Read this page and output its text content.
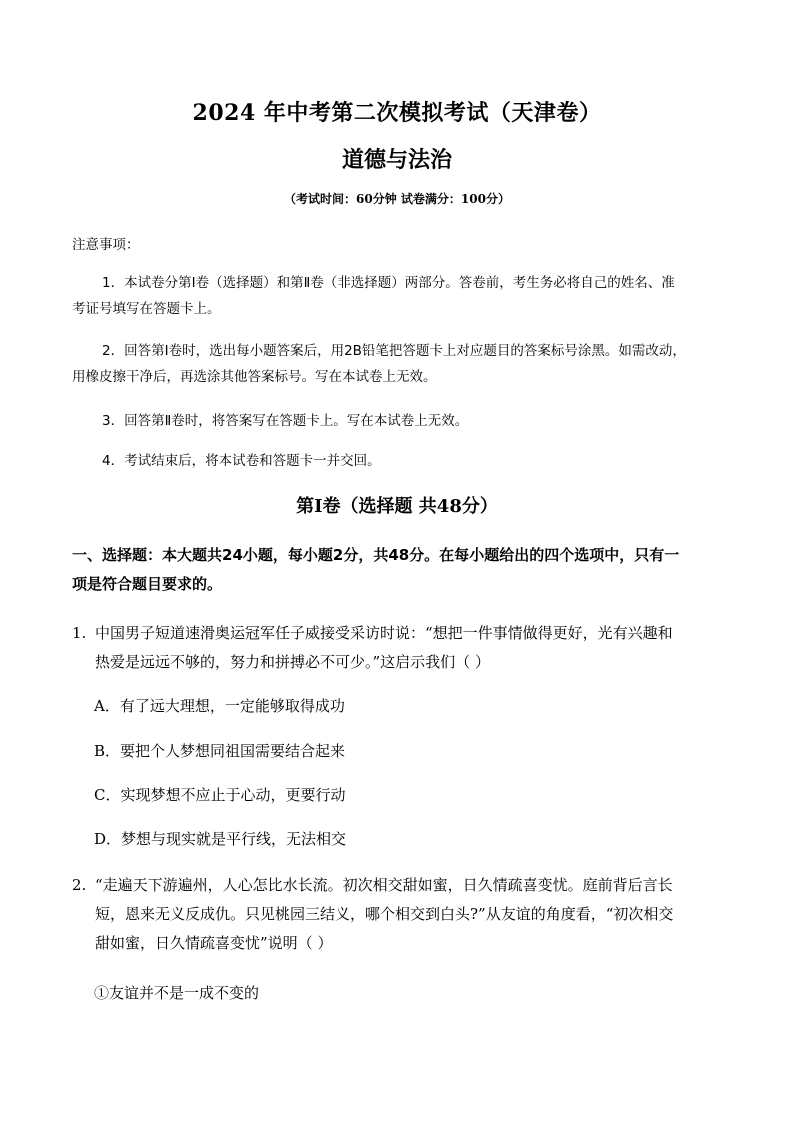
2024 年中考第二次模拟考试（天津卷）
道德与法治
（考试时间：60分钟 试卷满分：100分）
注意事项：
1．本试卷分第Ⅰ卷（选择题）和第Ⅱ卷（非选择题）两部分。答卷前，考生务必将自己的姓名、准
考证号填写在答题卡上。
2．回答第Ⅰ卷时，选出每小题答案后，用2B铅笔把答题卡上对应题目的答案标号涂黑。如需改动，
用橡皮擦干净后，再选涂其他答案标号。写在本试卷上无效。
3．回答第Ⅱ卷时，将答案写在答题卡上。写在本试卷上无效。
4．考试结束后，将本试卷和答题卡一并交回。
第Ⅰ卷（选择题 共48分）
一、选择题：本大题共24小题，每小题2分，共48分。在每小题给出的四个选项中，只有一
项是符合题目要求的。
1. 中国男子短道速滑奥运冠军任子威接受采访时说：“想把一件事情做得更好，光有兴趣和
热爱是远远不够的，努力和拼搏必不可少。”这启示我们（ ）
A．有了远大理想，一定能够取得成功
B．要把个人梦想同祖国需要结合起来
C．实现梦想不应止于心动，更要行动
D．梦想与现实就是平行线，无法相交
2. “走遍天下游遍州，人心怎比水长流。初次相交甜如蜜，日久情疏喜变忧。庭前背后言长
短，恩来无义反成仇。只见桃园三结义，哪个相交到白头?”从友谊的角度看，“初次相交
甜如蜜，日久情疏喜变忧”说明（ ）
①友谊并不是一成不变的
